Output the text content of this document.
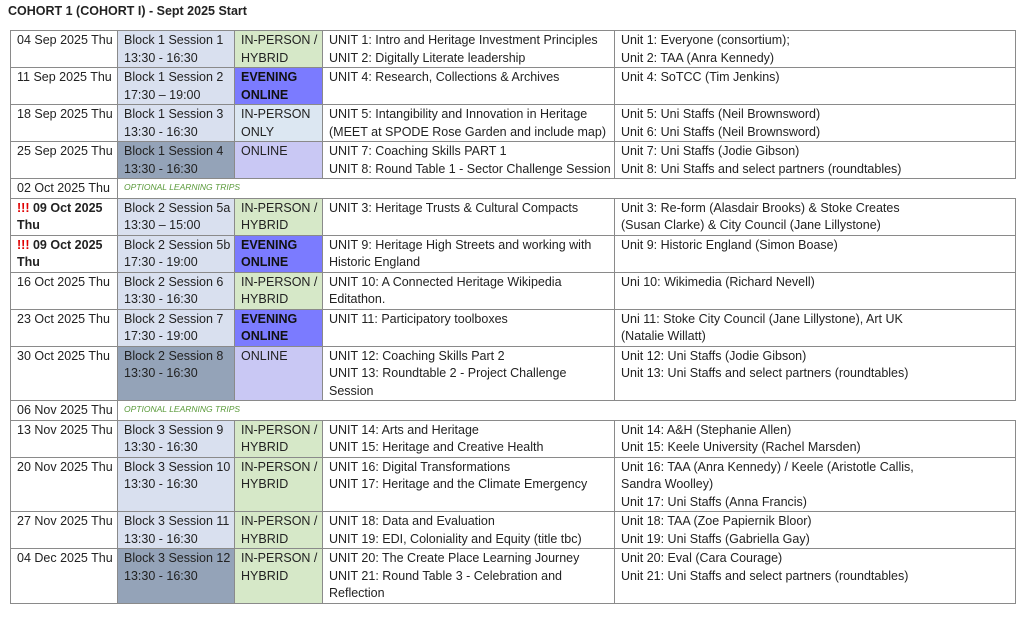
COHORT 1 (COHORT I) - Sept 2025 Start
04 Sep 2025 Thu	Block 1 Session 1
13:30 - 16:30	IN-PERSON /
HYBRID	UNIT 1: Intro and Heritage Investment Principles
UNIT 2: Digitally Literate leadership	Unit 1: Everyone (consortium);
Unit 2: TAA (Anra Kennedy)

11 Sep 2025 Thu	Block 1 Session 2
17:30 – 19:00	EVENING
ONLINE	UNIT 4: Research, Collections & Archives	Unit 4: SoTCC (Tim Jenkins)

18 Sep 2025 Thu	Block 1 Session 3
13:30 - 16:30	IN-PERSON
ONLY	UNIT 5: Intangibility and Innovation in Heritage
(MEET at SPODE Rose Garden and include map)	Unit 5: Uni Staffs (Neil Brownsword)
Unit 6: Uni Staffs (Neil Brownsword)

25 Sep 2025 Thu	Block 1 Session 4
13:30 - 16:30	ONLINE	UNIT 7: Coaching Skills PART 1
UNIT 8: Round Table 1 - Sector Challenge Session	Unit 7: Uni Staffs (Jodie Gibson)
Unit 8: Uni Staffs and select partners (roundtables)

02 Oct 2025 Thu	OPTIONAL LEARNING TRIPS			

!!! 09 Oct 2025
Thu	Block 2 Session 5a
13:30 – 15:00	IN-PERSON /
HYBRID	UNIT 3: Heritage Trusts & Cultural Compacts	Unit 3: Re-form (Alasdair Brooks) & Stoke Creates
(Susan Clarke) & City Council (Jane Lillystone)

!!! 09 Oct 2025
Thu	Block 2 Session 5b
17:30 - 19:00	EVENING
ONLINE	UNIT 9: Heritage High Streets and working with
Historic England	Unit 9: Historic England (Simon Boase)

16 Oct 2025 Thu	Block 2 Session 6
13:30 - 16:30	IN-PERSON /
HYBRID	UNIT 10: A Connected Heritage Wikipedia
Editathon.	Uni 10: Wikimedia (Richard Nevell)

23 Oct 2025 Thu	Block 2 Session 7
17:30 - 19:00	EVENING
ONLINE	UNIT 11: Participatory toolboxes	Uni 11: Stoke City Council (Jane Lillystone), Art UK
(Natalie Willatt)

30 Oct 2025 Thu	Block 2 Session 8
13:30 - 16:30	ONLINE	UNIT 12: Coaching Skills Part 2
UNIT 13: Roundtable 2 - Project Challenge
Session	Unit 12: Uni Staffs (Jodie Gibson)
Unit 13: Uni Staffs and select partners (roundtables)

06 Nov 2025 Thu	OPTIONAL LEARNING TRIPS			
13 Nov 2025 Thu	Block 3 Session 9
13:30 - 16:30	IN-PERSON /
HYBRID	UNIT 14: Arts and Heritage
UNIT 15: Heritage and Creative Health	Unit 14: A&H (Stephanie Allen)
Unit 15: Keele University (Rachel Marsden)

20 Nov 2025 Thu	Block 3 Session 10
13:30 - 16:30	IN-PERSON /
HYBRID	UNIT 16: Digital Transformations
UNIT 17: Heritage and the Climate Emergency	Unit 16: TAA (Anra Kennedy) / Keele (Aristotle Callis,
Sandra Woolley)
Unit 17: Uni Staffs (Anna Francis)

27 Nov 2025 Thu	Block 3 Session 11
13:30 - 16:30	IN-PERSON /
HYBRID	UNIT 18: Data and Evaluation
UNIT 19: EDI, Coloniality and Equity (title tbc)	Unit 18: TAA (Zoe Papiernik Bloor)
Unit 19: Uni Staffs (Gabriella Gay)

04 Dec 2025 Thu	Block 3 Session 12
13:30 - 16:30	IN-PERSON /
HYBRID	UNIT 20: The Create Place Learning Journey
UNIT 21: Round Table 3 - Celebration and
Reflection	Unit 20: Eval (Cara Courage)
Unit 21: Uni Staffs and select partners (roundtables)
